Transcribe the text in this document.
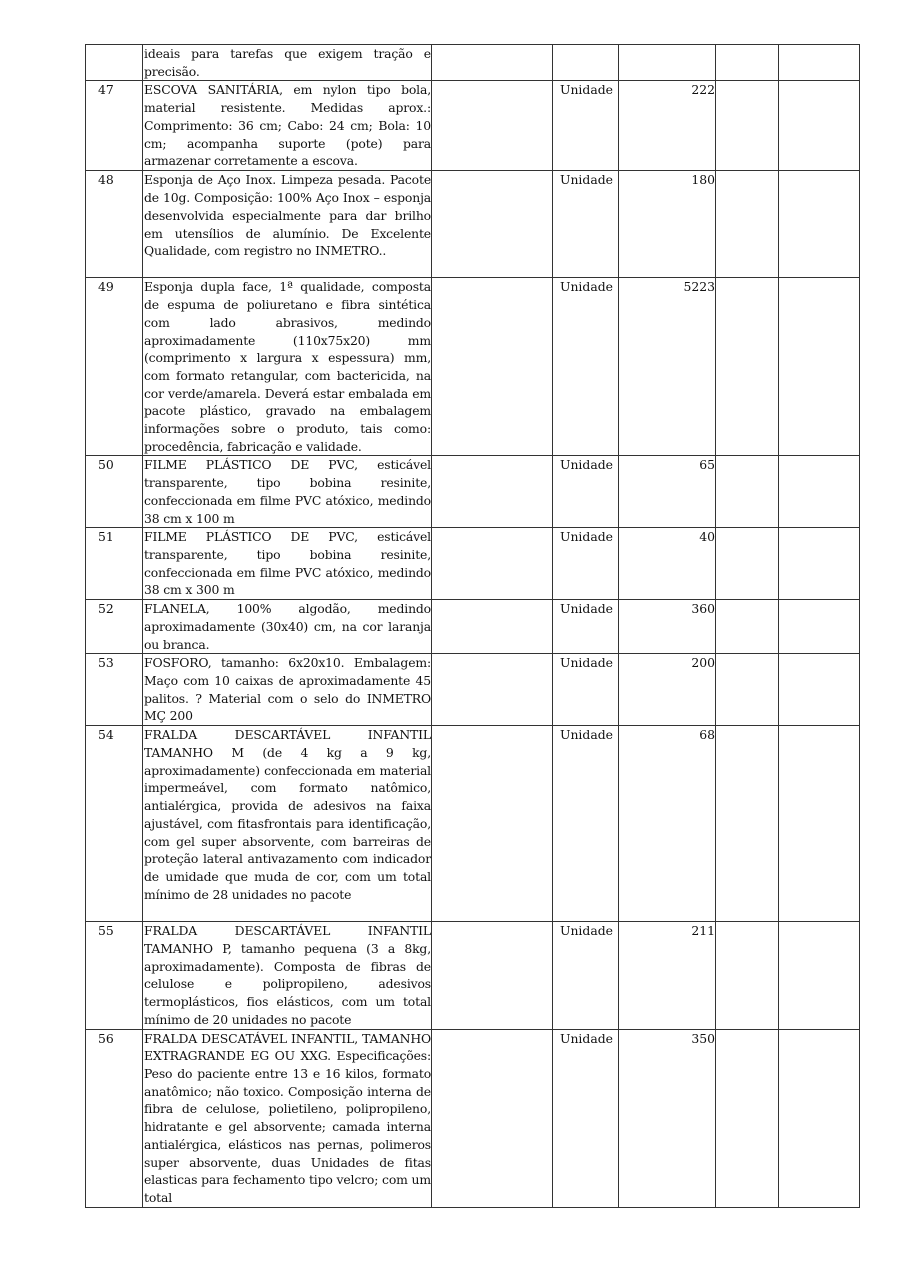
	ideais para tarefas que exigem tração e precisão.					

47	ESCOVA SANITÁRIA, em nylon tipo bola, material resistente. Medidas aprox.: Comprimento: 36 cm; Cabo: 24 cm; Bola: 10 cm; acompanha suporte (pote) para armazenar corretamente a escova.		Unidade	222		
48	Esponja de Aço Inox. Limpeza pesada. Pacote de 10g. Composição: 100% Aço Inox – esponja desenvolvida especialmente para dar brilho em utensílios de alumínio. De Excelente Qualidade, com registro no INMETRO..		Unidade	180		
49	Esponja dupla face, 1ª qualidade, composta de espuma de poliuretano e fibra sintética com lado abrasivos, medindo aproximadamente (110x75x20) mm (comprimento x largura x espessura) mm, com formato retangular, com bactericida, na cor verde/amarela. Deverá estar embalada em pacote plástico, gravado na embalagem informações sobre o produto, tais como: procedência, fabricação e validade.		Unidade	5223		
50	FILME PLÁSTICO DE PVC, esticável transparente, tipo bobina resinite, confeccionada em filme PVC atóxico, medindo 38 cm x 100 m		Unidade	65		
51	FILME PLÁSTICO DE PVC, esticável transparente, tipo bobina resinite, confeccionada em filme PVC atóxico, medindo 38 cm x 300 m		Unidade	40		
52	FLANELA, 100% algodão, medindo aproximadamente (30x40) cm, na cor laranja ou branca.		Unidade	360		
53	FOSFORO, tamanho: 6x20x10. Embalagem: Maço com 10 caixas de aproximadamente 45 palitos. ? Material com o selo do INMETRO MÇ 200		Unidade	200		
54	FRALDA DESCARTÁVEL INFANTIL TAMANHO M (de 4 kg a 9 kg, aproximadamente) confeccionada em material impermeável, com formato natômico, antialérgica, provida de adesivos na faixa ajustável, com fitasfrontais para identificação, com gel super absorvente, com barreiras de proteção lateral antivazamento com indicador de umidade que muda de cor, com um total mínimo de 28 unidades no pacote		Unidade	68		
55	FRALDA DESCARTÁVEL INFANTIL TAMANHO P, tamanho pequena (3 a 8kg, aproximadamente). Composta de fibras de celulose e polipropileno, adesivos termoplásticos, fios elásticos, com um total mínimo de 20 unidades no pacote		Unidade	211		
56	FRALDA DESCATÁVEL INFANTIL, TAMANHO EXTRAGRANDE EG OU XXG. Especificações: Peso do paciente entre 13 e 16 kilos, formato anatômico; não toxico. Composição interna de fibra de celulose, polietileno, polipropileno, hidratante e gel absorvente; camada interna antialérgica, elásticos nas pernas, polimeros super absorvente, duas Unidades de fitas elasticas para fechamento tipo velcro; com um total		Unidade	350		
